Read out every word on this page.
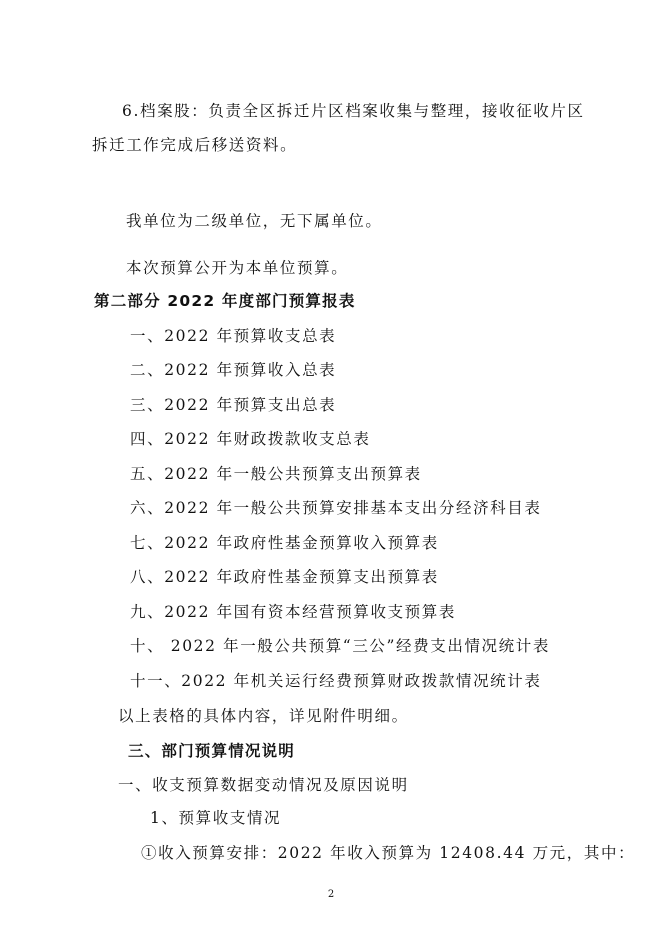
6.档案股：负责全区拆迁片区档案收集与整理，接收征收片区
拆迁工作完成后移送资料。
我单位为二级单位，无下属单位。
本次预算公开为本单位预算。
第二部分 2022 年度部门预算报表
一、2022 年预算收支总表
二、2022 年预算收入总表
三、2022 年预算支出总表
四、2022 年财政拨款收支总表
五、2022 年一般公共预算支出预算表
六、2022 年一般公共预算安排基本支出分经济科目表
七、2022 年政府性基金预算收入预算表
八、2022 年政府性基金预算支出预算表
九、2022 年国有资本经营预算收支预算表
十、 2022 年一般公共预算“三公”经费支出情况统计表
十一、2022 年机关运行经费预算财政拨款情况统计表
以上表格的具体内容，详见附件明细。
三、部门预算情况说明
一、收支预算数据变动情况及原因说明
1、预算收支情况
①收入预算安排：2022 年收入预算为 12408.44 万元，其中：
2
